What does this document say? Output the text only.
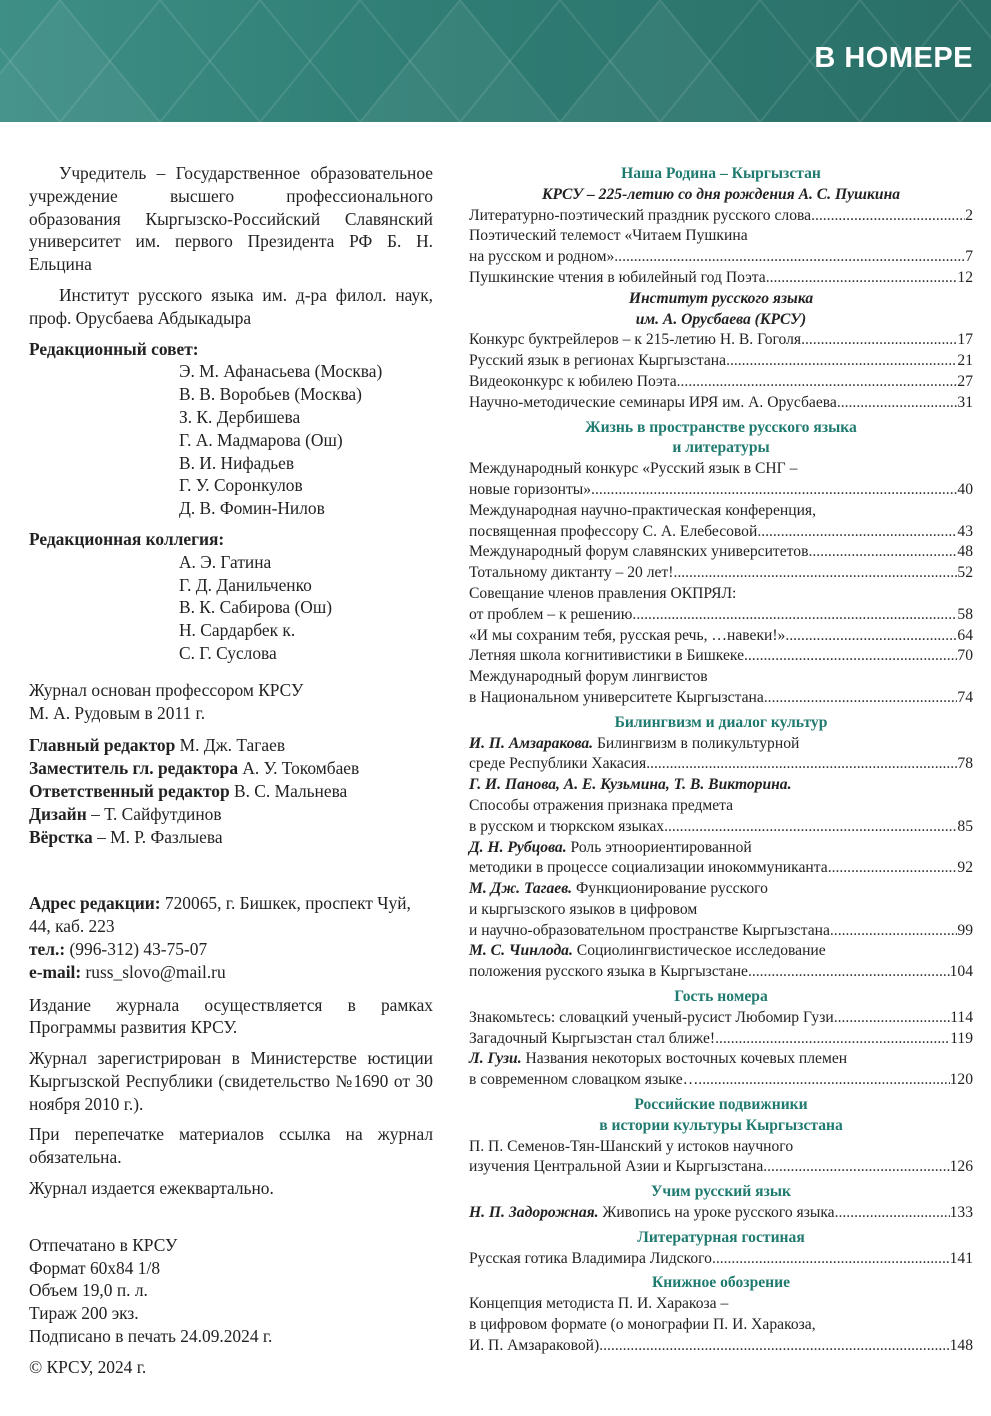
В НОМЕРЕ
Учредитель – Государственное образовательное учреждение высшего профессионального образования Кыргызско-Российский Славянский университет им. первого Президента РФ Б. Н. Ельцина
Институт русского языка им. д-ра филол. наук, проф. Орусбаева Абдыкадыра
Редакционный совет:
Э. М. Афанасьева (Москва)
В. В. Воробьев (Москва)
З. К. Дербишева
Г. А. Мадмарова (Ош)
В. И. Нифадьев
Г. У. Соронкулов
Д. В. Фомин-Нилов
Редакционная коллегия:
А. Э. Гатина
Г. Д. Данильченко
В. К. Сабирова (Ош)
Н. Сардарбек к.
С. Г. Суслова
Журнал основан профессором КРСУ
М. А. Рудовым в 2011 г.
Главный редактор М. Дж. Тагаев
Заместитель гл. редактора А. У. Токомбаев
Ответственный редактор В. С. Мальнева
Дизайн – Т. Сайфутдинов
Вёрстка – М. Р. Фазлыева
Адрес редакции: 720065, г. Бишкек, проспект Чуй, 44, каб. 223
тел.: (996-312) 43-75-07
e-mail: russ_slovo@mail.ru
Издание журнала осуществляется в рамках Программы развития КРСУ.
Журнал зарегистрирован в Министерстве юстиции Кыргызской Республики (свидетельство №1690 от 30 ноября 2010 г.).
При перепечатке материалов ссылка на журнал обязательна.
Журнал издается ежеквартально.
Отпечатано в КРСУ
Формат 60х84 1/8
Объем 19,0 п. л.
Тираж 200 экз.
Подписано в печать 24.09.2024 г.
© КРСУ, 2024 г.
Наша Родина – Кыргызстан
КРСУ – 225-летию со дня рождения А. С. Пушкина
Литературно-поэтический праздник русского слова .....	2
Поэтический телемост «Читаем Пушкина
на русском и родном» .....	7
Пушкинские чтения в юбилейный год Поэта .....	12
Институт русского языка
им. А. Орусбаева (КРСУ)
Конкурс буктрейлеров – к 215-летию Н. В. Гоголя .....	17
Русский язык в регионах Кыргызстана .....	21
Видеоконкурс к юбилею Поэта .....	27
Научно-методические семинары ИРЯ им. А. Орусбаева .....	31
Жизнь в пространстве русского языка
и литературы
Международный конкурс «Русский язык в СНГ –
новые горизонты» .....	40
Международная научно-практическая конференция,
посвященная профессору С. А. Елебесовой .....	43
Международный форум славянских университетов .....	48
Тотальному диктанту – 20 лет! .....	52
Совещание членов правления ОКПРЯЛ:
от проблем – к решению .....	58
«И мы сохраним тебя, русская речь, …навеки!» .....	64
Летняя школа когнитивистики в Бишкеке .....	70
Международный форум лингвистов
в Национальном университете Кыргызстана .....	74
Билингвизм и диалог культур
И. П. Амзаракова. Билингвизм в поликультурной
среде Республики Хакасия .....	78
Г. И. Панова, А. Е. Кузьмина, Т. В. Викторина.
Способы отражения признака предмета
в русском и тюркском языках .....	85
Д. Н. Рубцова. Роль этноориентированной
методики в процессе социализации инокоммуниканта .....	92
М. Дж. Тагаев. Функционирование русского
и кыргызского языков в цифровом
и научно-образовательном пространстве Кыргызстана .....	99
М. С. Чинлода. Социолингвистическое исследование
положения русского языка в Кыргызстане .....	104
Гость номера
Знакомьтесь: словацкий ученый-русист Любомир Гузи .....	114
Загадочный Кыргызстан стал ближе! .....	119
Л. Гузи. Названия некоторых восточных кочевых племен
в современном словацком языке… .....	120
Российские подвижники
в истории культуры Кыргызстана
П. П. Семенов-Тян-Шанский у истоков научного
изучения Центральной Азии и Кыргызстана .....	126
Учим русский язык
Н. П. Задорожная. Живопись на уроке русского языка .....	133
Литературная гостиная
Русская готика Владимира Лидского .....	141
Книжное обозрение
Концепция методиста П. И. Харакоза –
в цифровом формате (о монографии П. И. Харакоза,
И. П. Амзараковой) .....	148
